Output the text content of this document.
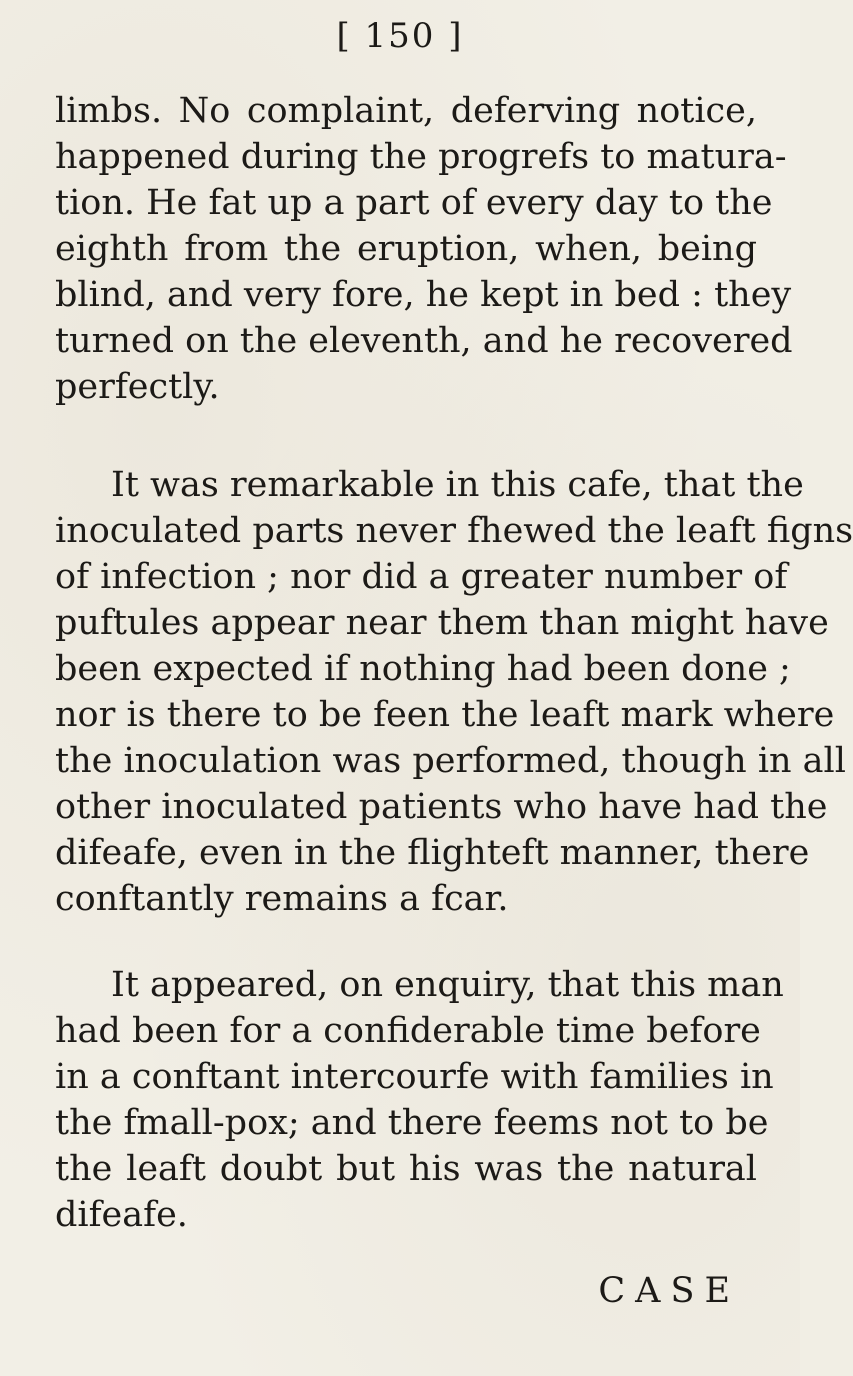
[ 150 ]
limbs. No complaint, deferving notice,
happened during the progrefs to matura-
tion. He fat up a part of every day to the
eighth from the eruption, when, being
blind, and very fore, he kept in bed : they
turned on the eleventh, and he recovered
perfectly.
It was remarkable in this cafe, that the
inoculated parts never fhewed the leaft figns
of infection ; nor did a greater number of
puftules appear near them than might have
been expected if nothing had been done ;
nor is there to be feen the leaft mark where
the inoculation was performed, though in all
other inoculated patients who have had the
difeafe, even in the flighteft manner, there
conftantly remains a fcar.
It appeared, on enquiry, that this man
had been for a confiderable time before
in a conftant intercourfe with families in
the fmall-pox; and there feems not to be
the leaft doubt but his was the natural
difeafe.
CASE
